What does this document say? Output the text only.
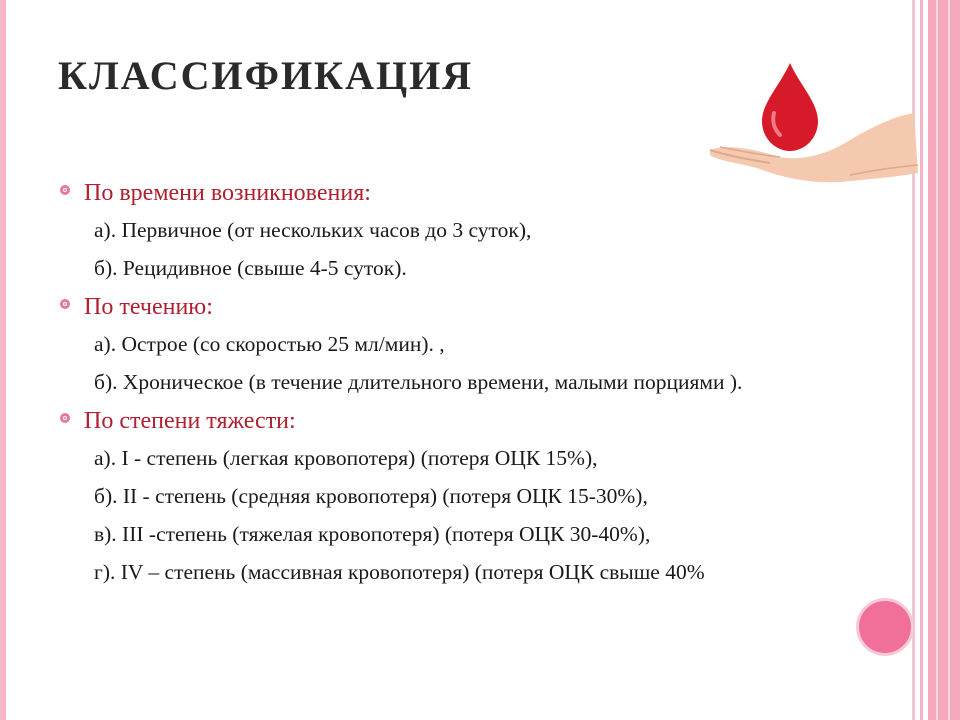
КЛАССИФИКАЦИЯ
По времени возникновения:
а). Первичное (от нескольких часов до 3 суток),
б). Рецидивное (свыше 4-5 суток).
По течению:
а). Острое (со скоростью 25 мл/мин). ,
б). Хроническое (в течение длительного времени, малыми порциями ).
По степени тяжести:
а). I - степень (легкая кровопотеря) (потеря ОЦК 15%),
б). II - степень (средняя кровопотеря) (потеря ОЦК 15-30%),
в). III -степень (тяжелая кровопотеря) (потеря ОЦК 30-40%),
г). IV – степень (массивная кровопотеря) (потеря ОЦК свыше 40%
